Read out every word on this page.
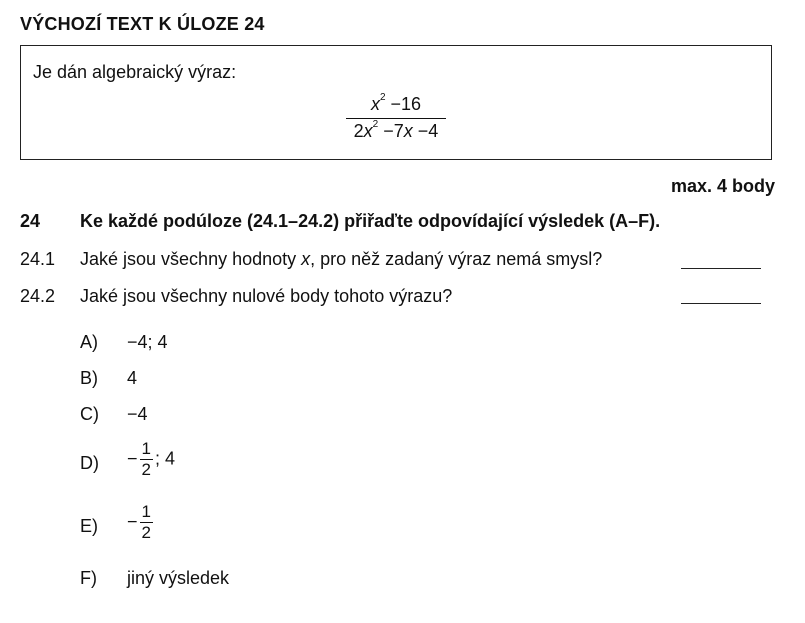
VÝCHOZÍ TEXT K ÚLOZE 24
Je dán algebraický výraz:
$x^2 -16$
$2x^2 -7x -4$
max. 4 body
24	Ke každé podúloze (24.1–24.2) přiřaďte odpovídající výsledek (A–F).
24.1	Jaké jsou všechny hodnoty x, pro něž zadaný výraz nemá smysl?
24.2	Jaké jsou všechny nulové body tohoto výrazu?
A)	−4; 4
B)	4
C)	−4
D)	− $\frac{1}{2}$ ; 4
E)	− $\frac{1}{2}$
F)	jiný výsledek
